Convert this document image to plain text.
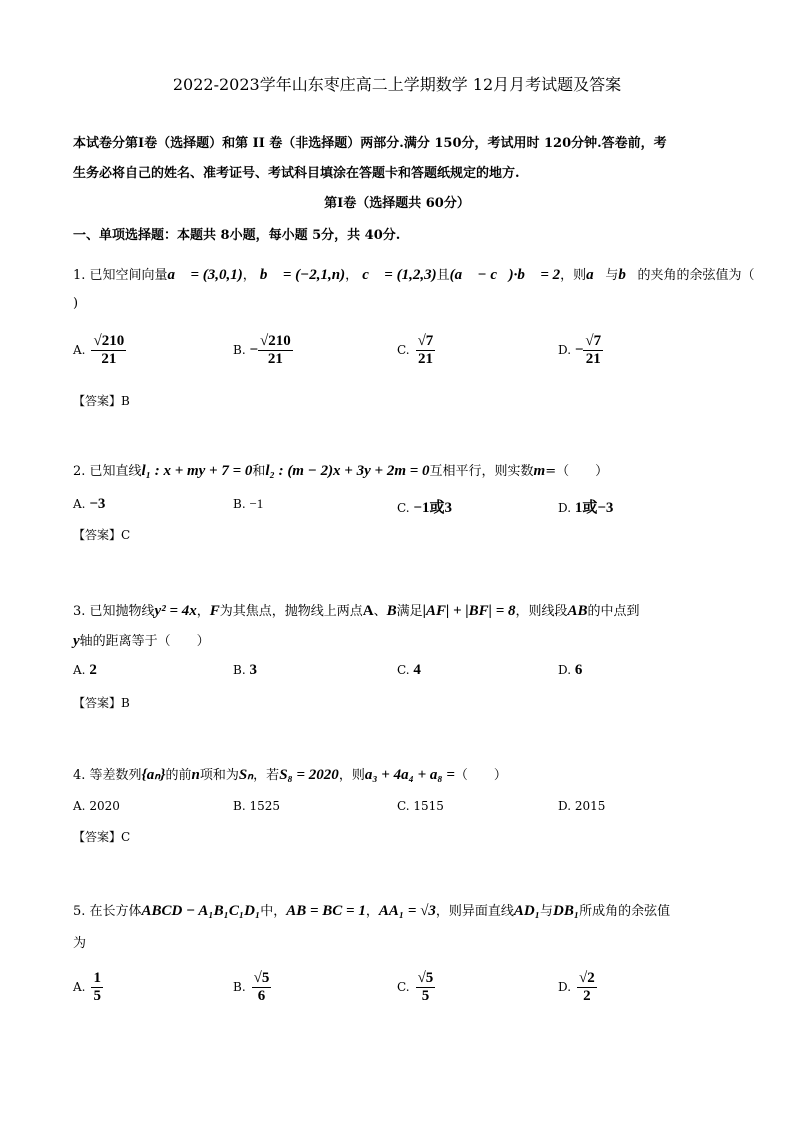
2022-2023学年山东枣庄高二上学期数学 12月月考试题及答案
本试卷分第Ⅰ卷（选择题）和第 II 卷（非选择题）两部分.满分 150分，考试用时 120分钟.答卷前，考
生务必将自己的姓名、准考证号、考试科目填涂在答题卡和答题纸规定的地方.
第Ⅰ卷（选择题共 60分）
一、单项选择题：本题共 8小题，每小题 5分，共 40分.
1. 已知空间向量a⃗ = (3,0,1)， b⃗ = (−2,1,n)， c⃗ = (1,2,3)且(a⃗ − c⃗)·b⃗ = 2，则a⃗与b⃗的夹角的余弦值为（
)
A. $\frac{√210}{21}$	B. − $\frac{√210}{21}$	C. $\frac{√7}{21}$	D. − $\frac{√7}{21}$
【答案】B
2. 已知直线l₁ : x + my + 7 = 0和l₂ : (m − 2)x + 3y + 2m = 0互相平行，则实数m=（　　）
A. −3	B. −1	C. −1或3	D. 1或−3
【答案】C
3. 已知抛物线y² = 4x，F为其焦点，抛物线上两点A、B满足|AF| + |BF| = 8，则线段AB的中点到
y轴的距离等于（　　）
A. 2	B. 3	C. 4	D. 6
【答案】B
4. 等差数列{aₙ}的前n项和为Sₙ，若S₈ = 2020，则a₃ + 4a₄ + a₈ =（　　）
A. 2020	B. 1525	C. 1515	D. 2015
【答案】C
5. 在长方体ABCD − A₁B₁C₁D₁中，AB = BC = 1，AA₁ = √3，则异面直线AD₁与DB₁所成角的余弦值
为
A. $\frac{1}{5}$	B. $\frac{√5}{6}$	C. $\frac{√5}{5}$	D. $\frac{√2}{2}$
